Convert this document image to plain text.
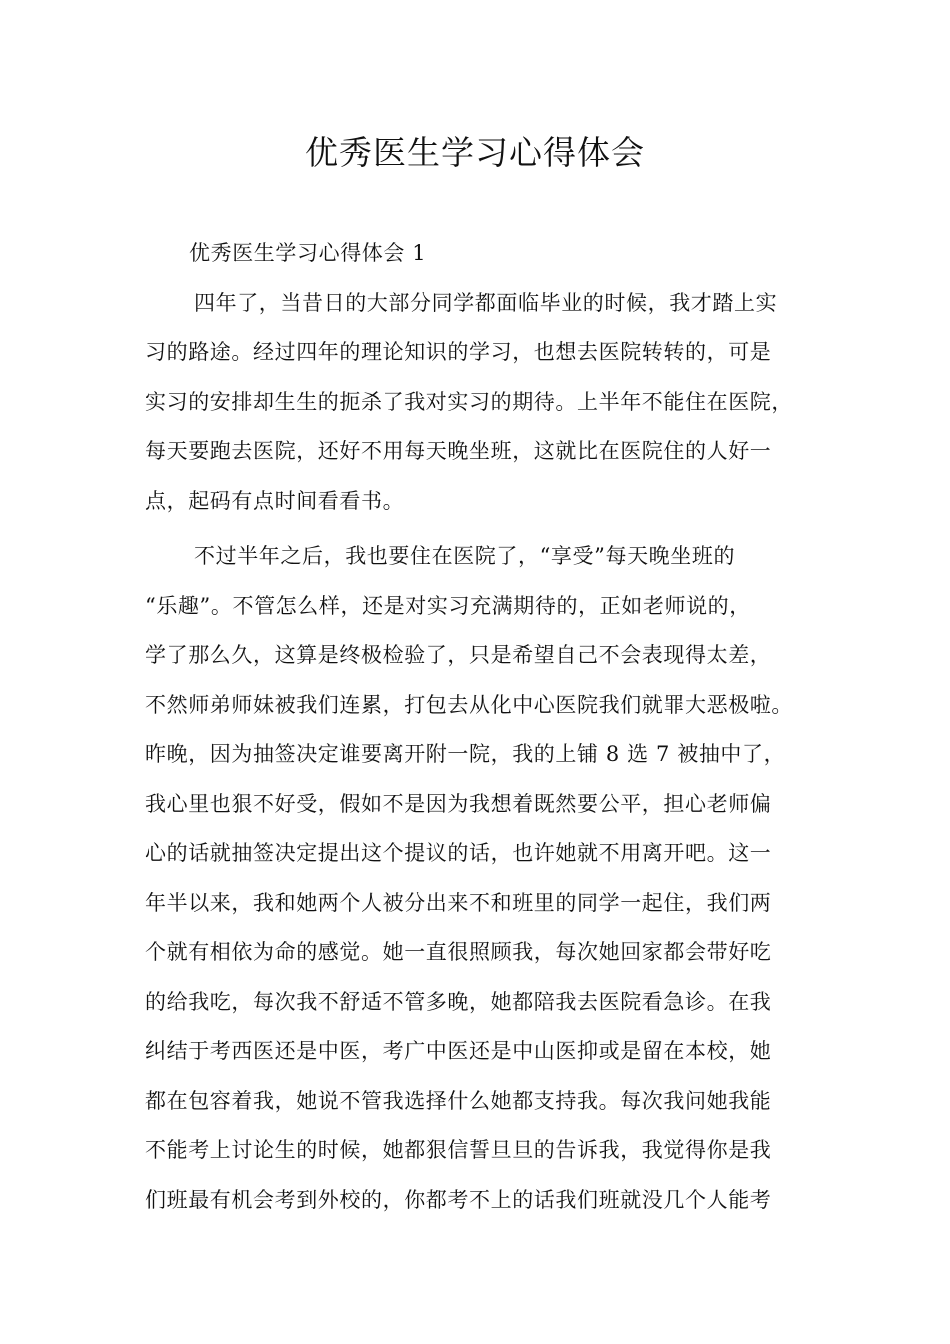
优秀医生学习心得体会
优秀医生学习心得体会 1
四年了，当昔日的大部分同学都面临毕业的时候，我才踏上实
习的路途。经过四年的理论知识的学习，也想去医院转转的，可是
实习的安排却生生的扼杀了我对实习的期待。上半年不能住在医院，
每天要跑去医院，还好不用每天晚坐班，这就比在医院住的人好一
点，起码有点时间看看书。
不过半年之后，我也要住在医院了，“享受”每天晚坐班的
“乐趣”。不管怎么样，还是对实习充满期待的，正如老师说的，
学了那么久，这算是终极检验了，只是希望自己不会表现得太差，
不然师弟师妹被我们连累，打包去从化中心医院我们就罪大恶极啦。
昨晚，因为抽签决定谁要离开附一院，我的上铺 8 选 7 被抽中了，
我心里也狠不好受，假如不是因为我想着既然要公平，担心老师偏
心的话就抽签决定提出这个提议的话，也许她就不用离开吧。这一
年半以来，我和她两个人被分出来不和班里的同学一起住，我们两
个就有相依为命的感觉。她一直很照顾我，每次她回家都会带好吃
的给我吃，每次我不舒适不管多晚，她都陪我去医院看急诊。在我
纠结于考西医还是中医，考广中医还是中山医抑或是留在本校，她
都在包容着我，她说不管我选择什么她都支持我。每次我问她我能
不能考上讨论生的时候，她都狠信誓旦旦的告诉我，我觉得你是我
们班最有机会考到外校的，你都考不上的话我们班就没几个人能考
